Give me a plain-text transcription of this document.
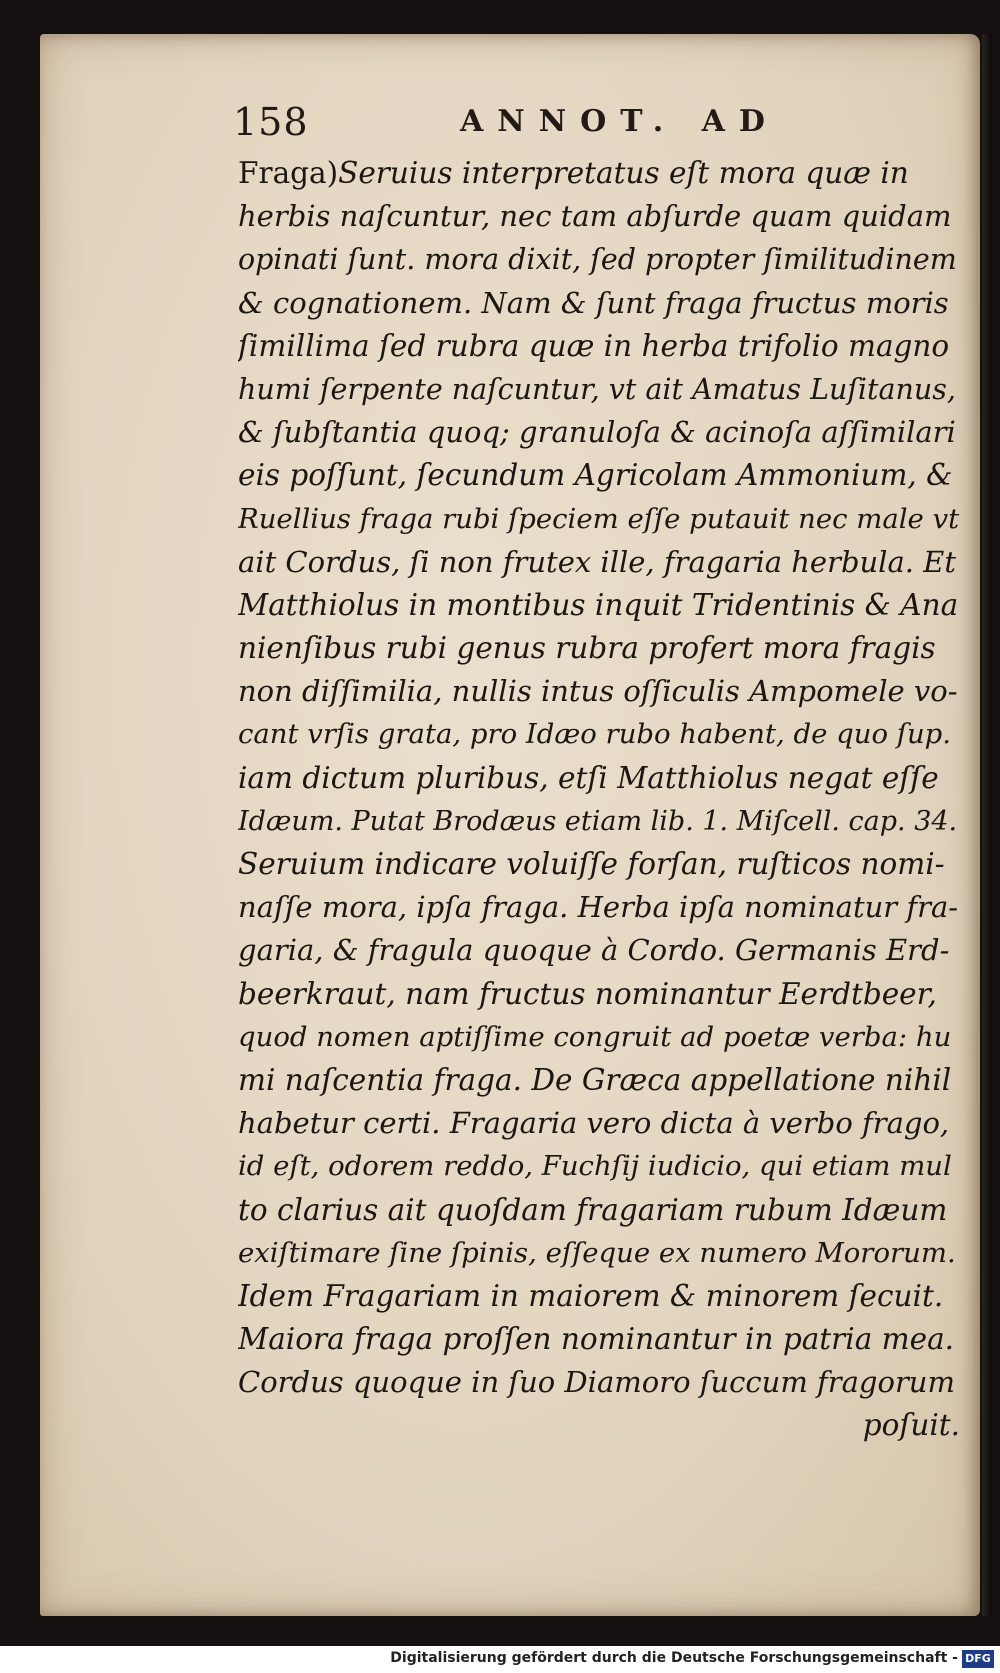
158	ANNOT. AD
Fraga)Seruius interpretatus eſt mora quæ in
herbis naſcuntur, nec tam abſurde quam quidam
opinati ſunt. mora dixit, ſed propter ſimilitudinem
& cognationem. Nam & ſunt fraga fructus moris
ſimillima ſed rubra quæ in herba trifolio magno
humi ſerpente naſcuntur, vt ait Amatus Luſitanus,
& ſubſtantia quoq; granuloſa & acinoſa aſſimilari
eis poſſunt, ſecundum Agricolam Ammonium, &
Ruellius fraga rubi ſpeciem eſſe putauit nec male vt
ait Cordus, ſi non frutex ille, fragaria herbula. Et
Matthiolus in montibus inquit Tridentinis & Ana
nienſibus rubi genus rubra profert mora fragis
non diſſimilia, nullis intus oſſiculis Ampomele vo-
cant vrſis grata, pro Idæo rubo habent, de quo ſup.
iam dictum pluribus, etſi Matthiolus negat eſſe
Idæum. Putat Brodæus etiam lib. 1. Miſcell. cap. 34.
Seruium indicare voluiſſe forſan, ruſticos nomi-
naſſe mora, ipſa fraga. Herba ipſa nominatur fra-
garia, & fragula quoque à Cordo. Germanis Erd-
beerkraut, nam fructus nominantur Eerdtbeer,
quod nomen aptiſſime congruit ad poetæ verba: hu
mi naſcentia fraga. De Græca appellatione nihil
habetur certi. Fragaria vero dicta à verbo frago,
id eſt, odorem reddo, Fuchſij iudicio, qui etiam mul
to clarius ait quoſdam fragariam rubum Idæum
exiſtimare ſine ſpinis, eſſeque ex numero Mororum.
Idem Fragariam in maiorem & minorem ſecuit.
Maiora fraga proſſen nominantur in patria mea.
Cordus quoque in ſuo Diamoro ſuccum fragorum
poſuit.
Digitalisierung gefördert durch die Deutsche Forschungsgemeinschaft - DFG
